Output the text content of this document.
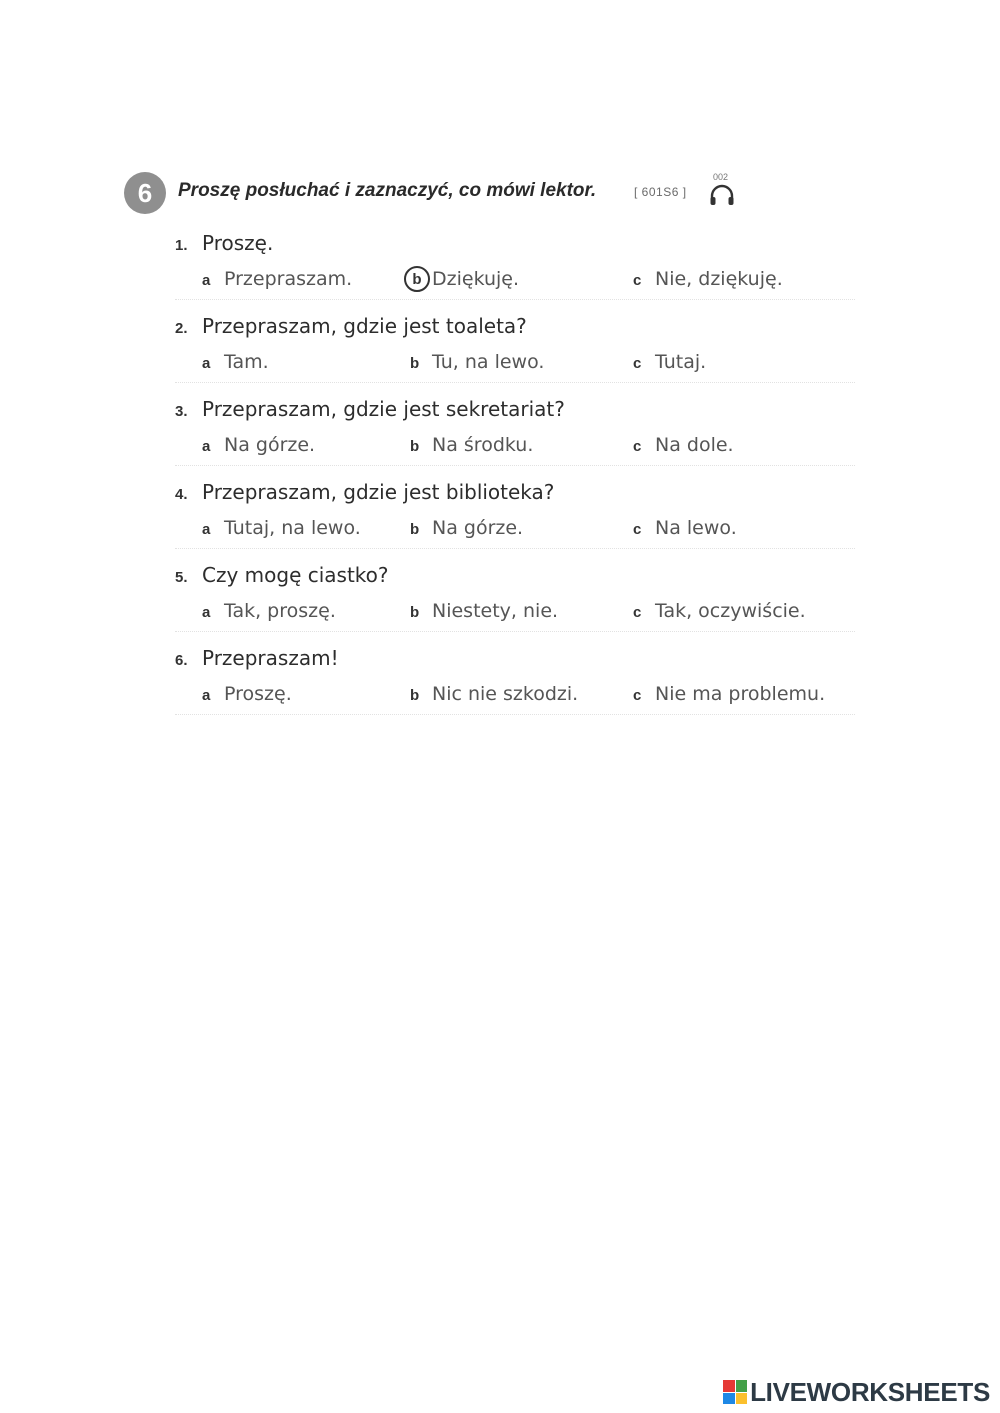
6	Proszę posłuchać i zaznaczyć, co mówi lektor.	[ 601S6 ]
002
1. Proszę.
a Przepraszam.	b Dziękuję.	c Nie, dziękuję.
2. Przepraszam, gdzie jest toaleta?
a Tam.	b Tu, na lewo.	c Tutaj.
3. Przepraszam, gdzie jest sekretariat?
a Na górze.	b Na środku.	c Na dole.
4. Przepraszam, gdzie jest biblioteka?
a Tutaj, na lewo.	b Na górze.	c Na lewo.
5. Czy mogę ciastko?
a Tak, proszę.	b Niestety, nie.	c Tak, oczywiście.
6. Przepraszam!
a Proszę.	b Nic nie szkodzi.	c Nie ma problemu.
LIVEWORKSHEETS
